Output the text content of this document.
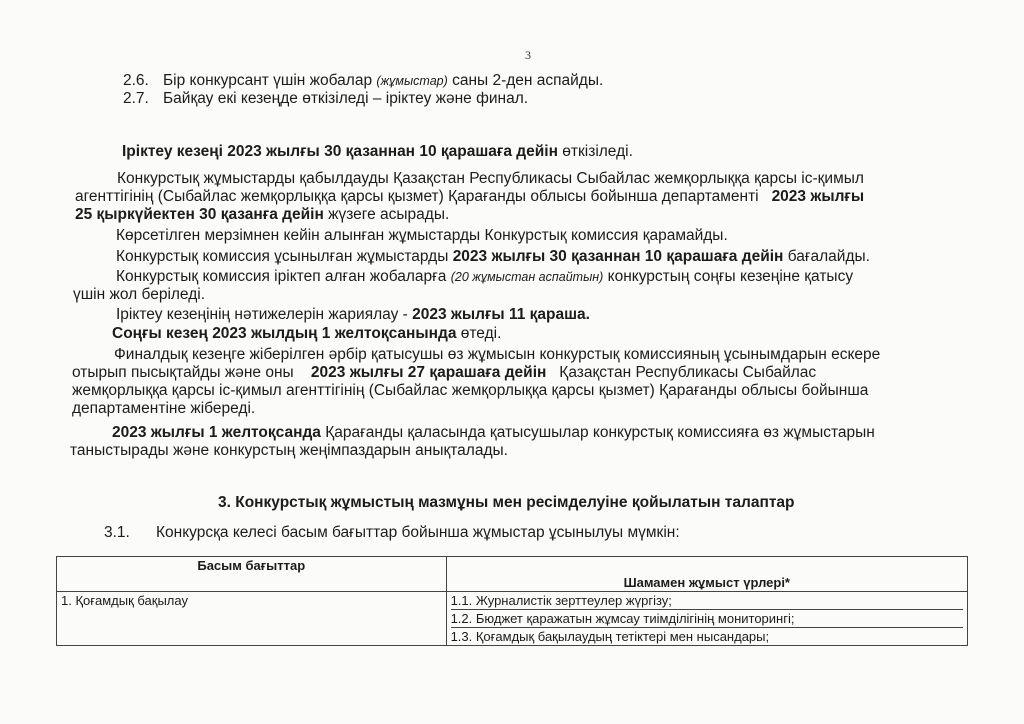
3
2.6. Бір конкурсант үшін жобалар (жұмыстар) саны 2-ден аспайды.
2.7. Байқау екі кезеңде өткізіледі – іріктеу және финал.
Іріктеу кезеңі 2023 жылғы 30 қазаннан 10 қарашаға дейін өткізіледі.
Конкурстық жұмыстарды қабылдауды Қазақстан Республикасы Сыбайлас жемқорлыққа қарсы іс-қимыл
агенттігінің (Сыбайлас жемқорлыққа қарсы қызмет) Қарағанды облысы бойынша департаменті 2023 жылғы
25 қыркүйектен 30 қазанға дейін жүзеге асырады.
Көрсетілген мерзімнен кейін алынған жұмыстарды Конкурстық комиссия қарамайды.
Конкурстық комиссия ұсынылған жұмыстарды 2023 жылғы 30 қазаннан 10 қарашаға дейін бағалайды.
Конкурстық комиссия іріктеп алған жобаларға (20 жұмыстан аспайтын) конкурстың соңғы кезеңіне қатысу
үшін жол беріледі.
Іріктеу кезеңінің нәтижелерін жариялау - 2023 жылғы 11 қараша.
Соңғы кезең 2023 жылдың 1 желтоқсанында өтеді.
Финалдық кезеңге жіберілген әрбір қатысушы өз жұмысын конкурстық комиссияның ұсынымдарын ескере
отырып пысықтайды және оны 2023 жылғы 27 қарашаға дейін Қазақстан Республикасы Сыбайлас
жемқорлыққа қарсы іс-қимыл агенттігінің (Сыбайлас жемқорлыққа қарсы қызмет) Қарағанды облысы бойынша
департаментіне жібереді.
2023 жылғы 1 желтоқсанда Қарағанды қаласында қатысушылар конкурстық комиссияға өз жұмыстарын
таныстырады және конкурстың жеңімпаздарын анықталады.
3. Конкурстық жұмыстың мазмұны мен ресімделуіне қойылатын талаптар
3.1. Конкурсқа келесі басым бағыттар бойынша жұмыстар ұсынылуы мүмкін:
Басым бағыттар	Шамамен жұмыст үрлері*
1. Қоғамдық бақылау	1.1. Журналистік зерттеулер жүргізу;
1.2. Бюджет қаражатын жұмсау тиімділігінің мониторингі;
1.3. Қоғамдық бақылаудың тетіктері мен нысандары;
